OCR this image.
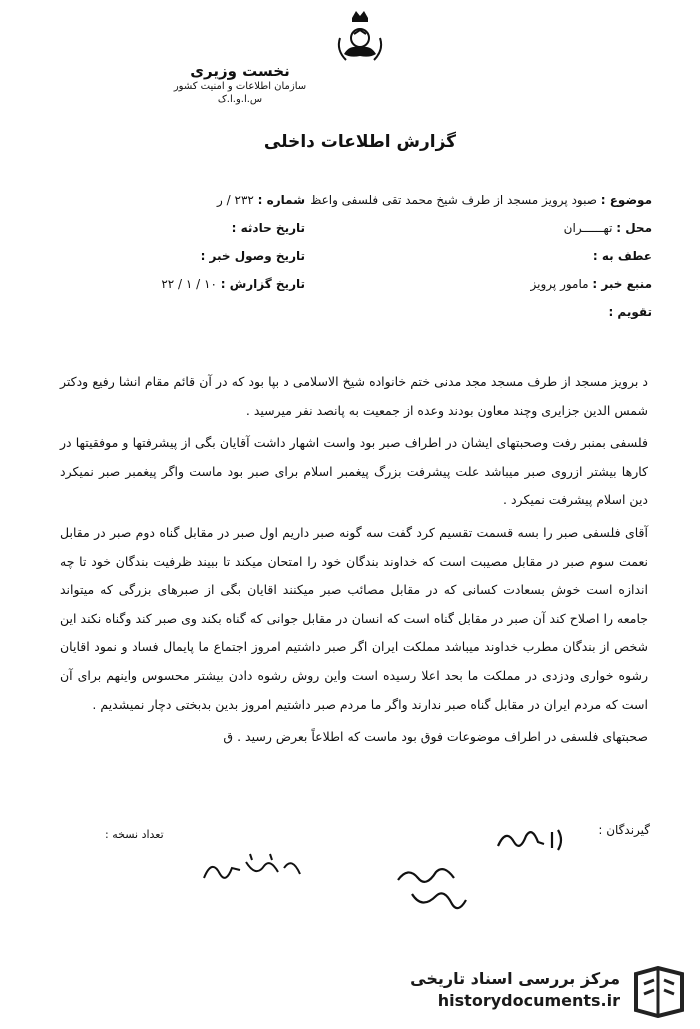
نخست وزیری
سازمان اطلاعات و امنیت کشور
س.ا.و.ا.ک
گزارش اطلاعات داخلی
موضوع : صبود پرویز مسجد از طرف شیخ محمد تقی فلسفی واعظ
محل : تهــــــران
عطف به :
منبع خبر : مامور پرویز
تقویم :
شماره : ۲۳۲ / ر
تاریخ حادثه :
تاریخ وصول خبر :
تاریخ گزارش : ۱۰ / ۱ / ۲۲

د برویز مسجد از طرف مسجد مجد مدنی ختم خانواده شیخ الاسلامی د بپا بود که در آن قائم مقام انشا رفیع ودکتر شمس الدین جزایری وچند معاون بودند وعده از جمعیت به پانصد نفر میرسید .

فلسفی بمنبر رفت وصحبتهای ایشان در اطراف صبر بود واست اشهار داشت آقایان بگی از پیشرفتها و موفقیتها در کارها بیشتر ازروی صبر میباشد علت پیشرفت بزرگ پیغمبر اسلام برای صبر بود ماست واگر پیغمبر صبر نمیکرد دین اسلام پیشرفت نمیکرد .

آقای فلسفی صبر را بسه قسمت تقسیم کرد گفت سه گونه صبر داریم اول صبر در مقابل گناه دوم صبر در مقابل نعمت سوم صبر در مقابل مصیبت است که خداوند بندگان خود را امتحان میکند تا ببیند ظرفیت بندگان خود تا چه اندازه است خوش بسعادت کسانی که در مقابل مصائب صبر میکنند اقایان بگی از صبرهای بزرگی که میتواند جامعه را اصلاح کند آن صبر در مقابل گناه است که انسان در مقابل جوانی که گناه بکند وی صبر کند وگناه نکند این شخص از بندگان مطرب خداوند میباشد مملکت ایران اگر صبر داشتیم امروز اجتماع ما پایمال فساد و نمود اقایان رشوه خواری ودزدی در مملکت ما بحد اعلا رسیده است واین روش رشوه دادن بیشتر محسوس واینهم برای آن است که مردم ایران در مقابل گناه صبر ندارند واگر ما مردم صبر داشتیم امروز بدین بدبختی دچار نمیشدیم .

صحبتهای فلسفی در اطراف موضوعات فوق بود ماست که اطلاعاً بعرض رسید . ق

گیرندگان :
تعداد نسخه :
مرکز بررسی اسناد تاریخی
historydocuments.ir
